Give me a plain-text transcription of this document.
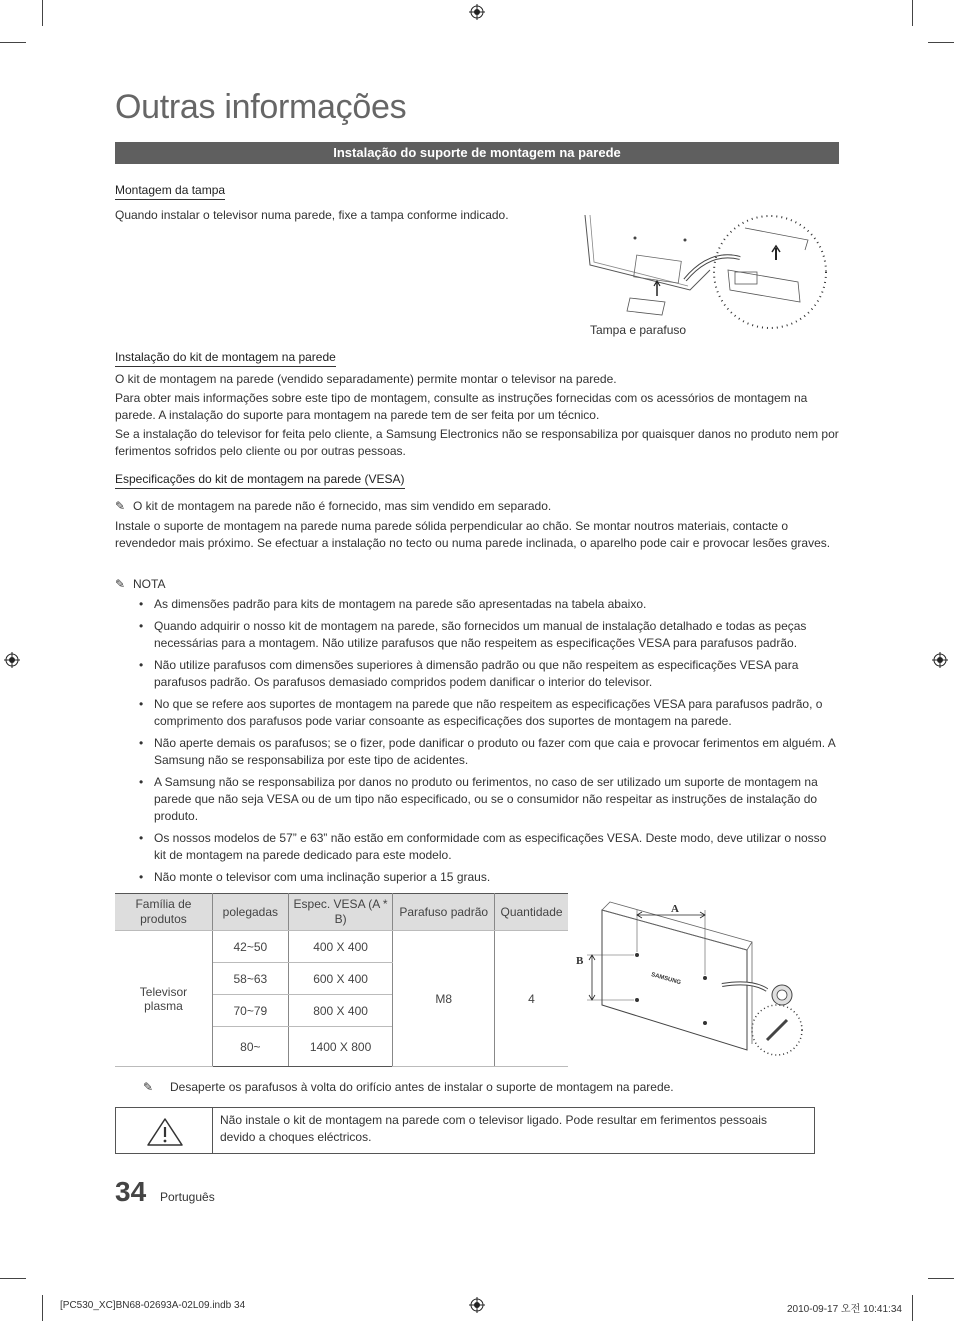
Outras informações
Instalação do suporte de montagem na parede
Montagem da tampa
Quando instalar o televisor numa parede, fixe a tampa conforme indicado.
Tampa e parafuso
Instalação do kit de montagem na parede
O kit de montagem na parede (vendido separadamente) permite montar o televisor na parede.
Para obter mais informações sobre este tipo de montagem, consulte as instruções fornecidas com os acessórios de montagem na parede. A instalação do suporte para montagem na parede tem de ser feita por um técnico.
Se a instalação do televisor for feita pelo cliente, a Samsung Electronics não se responsabiliza por quaisquer danos no produto nem por ferimentos sofridos pelo cliente ou por outras pessoas.
Especificações do kit de montagem na parede (VESA)
✎ O kit de montagem na parede não é fornecido, mas sim vendido em separado.
Instale o suporte de montagem na parede numa parede sólida perpendicular ao chão. Se montar noutros materiais, contacte o revendedor mais próximo. Se efectuar a instalação no tecto ou numa parede inclinada, o aparelho pode cair e provocar lesões graves.
✎ NOTA
• As dimensões padrão para kits de montagem na parede são apresentadas na tabela abaixo.
• Quando adquirir o nosso kit de montagem na parede, são fornecidos um manual de instalação detalhado e todas as peças necessárias para a montagem. Não utilize parafusos que não respeitem as especificações VESA para parafusos padrão.
• Não utilize parafusos com dimensões superiores à dimensão padrão ou que não respeitem as especificações VESA para parafusos padrão. Os parafusos demasiado compridos podem danificar o interior do televisor.
• No que se refere aos suportes de montagem na parede que não respeitem as especificações VESA para parafusos padrão, o comprimento dos parafusos pode variar consoante as especificações dos suportes de montagem na parede.
• Não aperte demais os parafusos; se o fizer, pode danificar o produto ou fazer com que caia e provocar ferimentos em alguém. A Samsung não se responsabiliza por este tipo de acidentes.
• A Samsung não se responsabiliza por danos no produto ou ferimentos, no caso de ser utilizado um suporte de montagem na parede que não seja VESA ou de um tipo não especificado, ou se o consumidor não respeitar as instruções de instalação do produto.
• Os nossos modelos de 57” e 63” não estão em conformidade com as especificações VESA. Deste modo, deve utilizar o nosso kit de montagem na parede dedicado para este modelo.
• Não monte o televisor com uma inclinação superior a 15 graus.
Família de produtos	polegadas	Espec. VESA (A * B)	Parafuso padrão	Quantidade
Televisor plasma	42~50	400 X 400	M8	4
	58~63	600 X 400		
	70~79	800 X 400		
	80~	1400 X 800		
A
B
SAMSUNG
✎ Desaperte os parafusos à volta do orifício antes de instalar o suporte de montagem na parede.
Não instale o kit de montagem na parede com o televisor ligado. Pode resultar em ferimentos pessoais devido a choques eléctricos.
34 Português
[PC530_XC]BN68-02693A-02L09.indb 34	2010-09-17 오전 10:41:34
